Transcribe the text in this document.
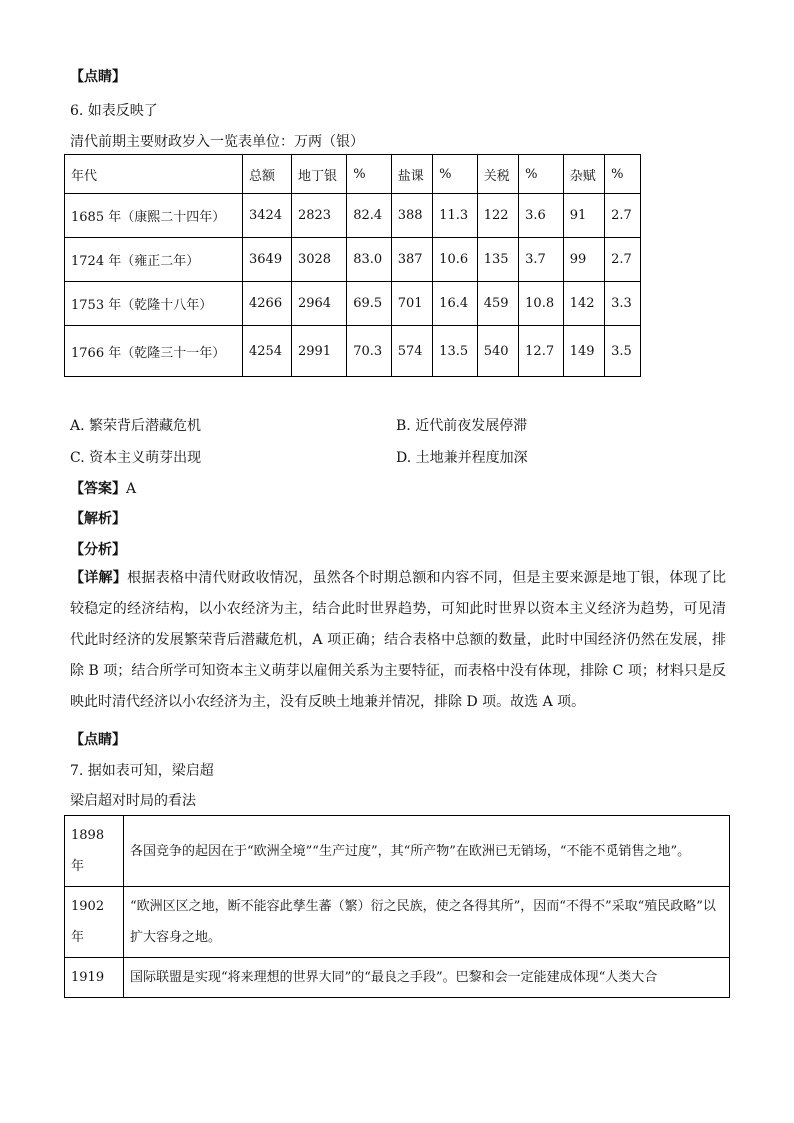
【点睛】
6. 如表反映了
清代前期主要财政岁入一览表单位：万两（银）
年代	总额	地丁银	%	盐课	%	关税	%	杂赋	%
1685 年（康熙二十四年）	3424	2823	82.4	388	11.3	122	3.6	91	2.7
1724 年（雍正二年）	3649	3028	83.0	387	10.6	135	3.7	99	2.7
1753 年（乾隆十八年）	4266	2964	69.5	701	16.4	459	10.8	142	3.3
1766 年（乾隆三十一年）	4254	2991	70.3	574	13.5	540	12.7	149	3.5
A. 繁荣背后潜藏危机	B. 近代前夜发展停滞
C. 资本主义萌芽出现	D. 土地兼并程度加深
【答案】A
【解析】
【分析】
【详解】根据表格中清代财政收情况，虽然各个时期总额和内容不同，但是主要来源是地丁银，体现了比较稳定的经济结构，以小农经济为主，结合此时世界趋势，可知此时世界以资本主义经济为趋势，可见清代此时经济的发展繁荣背后潜藏危机，A 项正确；结合表格中总额的数量，此时中国经济仍然在发展，排除 B 项；结合所学可知资本主义萌芽以雇佣关系为主要特征，而表格中没有体现，排除 C 项；材料只是反映此时清代经济以小农经济为主，没有反映土地兼并情况，排除 D 项。故选 A 项。
【点睛】
7. 据如表可知，梁启超
梁启超对时局的看法
1898 年	各国竞争的起因在于“欧洲全境”“生产过度”，其“所产物”在欧洲已无销场，“不能不觅销售之地”。
1902 年	“欧洲区区之地，断不能容此孳生蕃（繁）衍之民族，使之各得其所”，因而“不得不”采取“殖民政略”以扩大容身之地。
1919	国际联盟是实现“将来理想的世界大同”的“最良之手段”。巴黎和会一定能建成体现“人类大合
